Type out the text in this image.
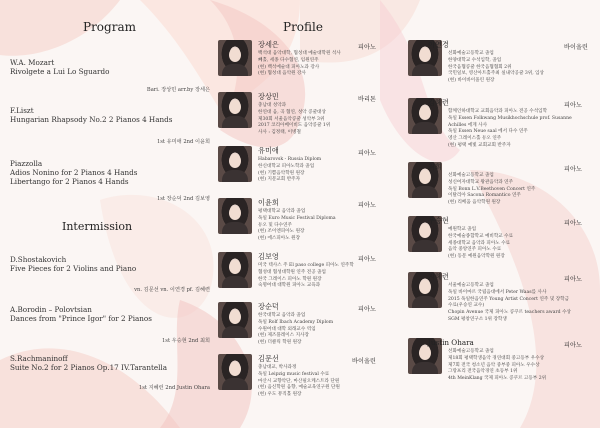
Program
W.A. Mozart
Rivolgete a Lui Lo Sguardo
Bari. 장상민 arr.by 장세은
F.Liszt
Hungarian Rhapsody No.2 2 Pianos 4 Hands
1st 유미애 2nd 이윤희
Piazzolla
Adios Nonino for 2 Pianos 4 Hands
Libertango for 2 Pianos 4 Hands
1st 장순덕 2nd 김보영
Intermission
D.Shostakovich
Five Pieces for 2 Violins and Piano
vn. 김문선 vn. 이연경 pf. 김혜련
A.Borodin – Polovtsian
Dances from "Prince Igor" for 2 Pianos
1st 우승현 2nd 최희
S.Rachmaninoff
Suite No.2 for 2 Pianos Op.17 IV.Tarantella
1st 지혜런 2nd Justin Ohara
Profile
장세은	피아노
백석대 음악대학, 협성대 예술대학원 석사
빼홀, 세종 다수협연, 임원연주
(현) 백석예술대 피아노과 강사
(현) 협성대 음악원 강사
장상민	바리톤
충남대 성악과
한연대 음, 곡 협연, 성악 콩쿨대상
제30회 서울음악콩쿨 성악부 3위
2017 코리아베이비도 음악콩쿨 1위
사사 : 김정태, 이병철
유미애	피아노
Habarovsk - Russia Diplom
한신대학교 피아노학과 졸업
(현) 기쁨음악학원 원장
(현) 지문교회 반주자
이윤희	피아노
평택대학교 음악과 졸업
독일 Euro Music Festival Diploma
듀오 및 다수연주
(현) 조이엔피아노 원장
(현) 에스피아노 원장
김보영	피아노
미국 텍사스 주 El paso college 피아노 연주학
협성대 협성대학원 연주 전공 졸업
한국 그레이스 피아노 학원 원장
숙명여대 대학원 피아노 교육과
장순덕	피아노
한국대학교 음악과 졸업
독일 Rolf Ibach Academy Diplom
수원여대 대학 외래교수 역임
(현) 제즈플레이스 지사장
(현) 더클릭 학원 원장
김문선	바이올린
충남대교, 박사과정
독일 Leipzig music festival 수료
마산시 교향악단, 마산필오케스트라 단원
(현) 음신학원 음향, 예술교육연구원 단원
(현) 우도 뮤직홀 원장
이연경	바이올린
선화예술고등학교 졸업
한양대학교 수석입학, 졸업
한국음협콩쿨 한국음협협회 2위
국민일보, 영산아트홀주최 실내악공쿨 3위, 입상
(현) 바이바이올린 원장
김혜련	피아노
함께인하대학교 교회음악과 피아노 전공 수석입학
독일 Essen Folkwang Musikhochschule prof. Susanne
Achilles 에게 사사
독일 Essen Neue saal 에서 다수 연주
영산 그레이스홀 듀오 연주
(현) 평택 예빛 교회교회 반주자
최희	피아노
선화예술고등학교 졸업
성신여자대학교 왕관음악과 연주
독일 Bonn L.V.Beethoven Concert 연주
이탈리아 Sacona Romantico 연주
(현) 리베움 음악학원 원장
우승현	피아노
예원학교 졸업
한국예술종합학교 예비학교 수료
세종대학교 음악과 피아노 수료
음악 중앙연주 피아노 수료
(현) 동문 예원음악학원 원장
지혜련	피아노
서울예술고등학교 졸업
독일 바이마르 국립음대에서 Peter Waas를 사사
2015 독일한음연주 Young Artist Concert 연주 및 장학금
수료(우승연 교수)
Chopin Avenue 국제 피아노 콩쿠르 teachers award 수상
SGM 평창연구소 1위 장학생
Justin Ohara	피아노
선화예술고등학교 졸업
제18회 평택학생음악 경연대회 중고등부 우수상
제7회 전국 청소년 음악 중부중 피아노 우수상
그랑프리 전국음악경연 초등부 1위
4th MeinKlang 국제 피아노 콩쿠르 고등부 2위
